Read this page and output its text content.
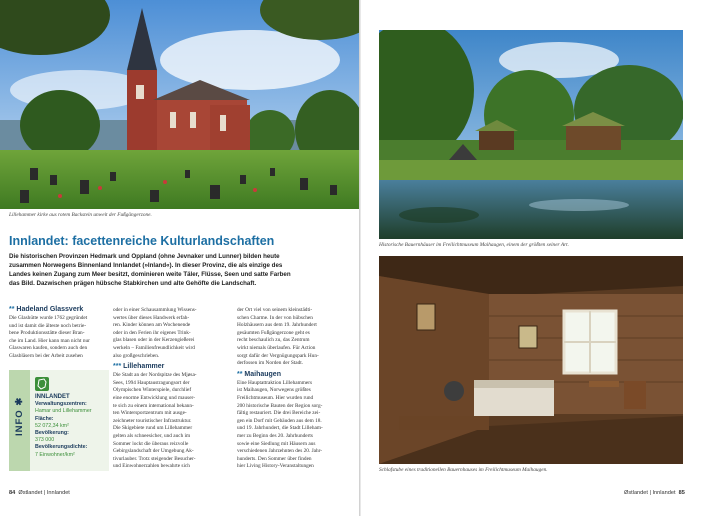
Lillehammer kirke aus rotem Backstein unweit der Fußgängerzone.
Innlandet: facettenreiche Kulturlandschaften
Die historischen Provinzen Hedmark und Oppland (ohne Jevnaker und Lunner) bilden heute
zusammen Norwegens Binnenland Innlandet (»Inland«). In dieser Provinz, die als einzige des
Landes keinen Zugang zum Meer besitzt, dominieren weite Täler, Flüsse, Seen und satte Farben
das Bild. Dazwischen prägen hübsche Stabkirchen und alte Gehöfte die Landschaft.
** Hadeland Glassverk
Die Glashütte wurde 1762 gegründet
und ist damit die älteste noch betrie-
bene Produktionsstätte dieser Bran-
che im Land. Hier kann man nicht nur
Glaswaren kaufen, sondern auch den
Glasbläsern bei der Arbeit zusehen
INFO ✱ INNLANDET
Verwaltungszentren:
Hamar und Lillehammer
Fläche:
52 072,34 km²
Bevölkerung:
373 000
Bevölkerungsdichte:
7 Einwohner/km²
oder in einer Schausammlung Wissens-
wertes über dieses Handwerk erfah-
ren. Kinder können am Wochenende
oder in den Ferien ihr eigenes Trink-
glas blasen oder in der Kerzengießerei
werkeln – Familienfreundlichkeit wird
also großgeschrieben.
*** Lillehammer
Die Stadt an der Nordspitze des Mjøsa-
Sees, 1994 Hauptaustragungsort der
Olympischen Winterspiele, durchlief
eine enorme Entwicklung und mauser-
te sich zu einem international bekann-
ten Wintersportzentrum mit ausge-
zeichneter touristischer Infrastruktur.
Die Skigebiete rund um Lillehammer
gelten als schneesicher, und auch im
Sommer lockt die überaus reizvolle
Gebirgslandschaft der Umgebung Ak-
tivurlauber. Trotz steigender Besucher-
und Einwohnerzahlen bewahrte sich
der Ort viel von seinem kleinstädti-
schen Charme. In der von hübschen
Holzhäusern aus dem 19. Jahrhundert
gesäumten Fußgängerzone geht es
recht beschaulich zu, das Zentrum
wirkt niemals überlaufen. Für Action
sorgt dafür der Vergnügungspark Hun-
derfossen im Norden der Stadt.
** Maihaugen
Eine Hauptattraktion Lillehammers
ist Maihaugen, Norwegens größtes
Freilichtmuseum. Hier wurden rund
200 historische Bauten der Region sorg-
fältig restauriert. Die drei Bereiche zei-
gen ein Dorf mit Gebäuden aus dem 18.
und 19. Jahrhundert, die Stadt Lilleham-
mer zu Beginn des 20. Jahrhunderts
sowie eine Siedlung mit Häusern aus
verschiedenen Jahrzehnten des 20. Jahr-
hunderts. Den Sommer über finden
hier Living History-Veranstaltungen
84 Østlandet | Innlandet
Historische Bauernhäuser im Freilichtmuseum Maihaugen, einem der größten seiner Art.
Schlafstube eines traditionellen Bauernhauses im Freilichtmuseum Maihaugen.
Østlandet | Innlandet 85
